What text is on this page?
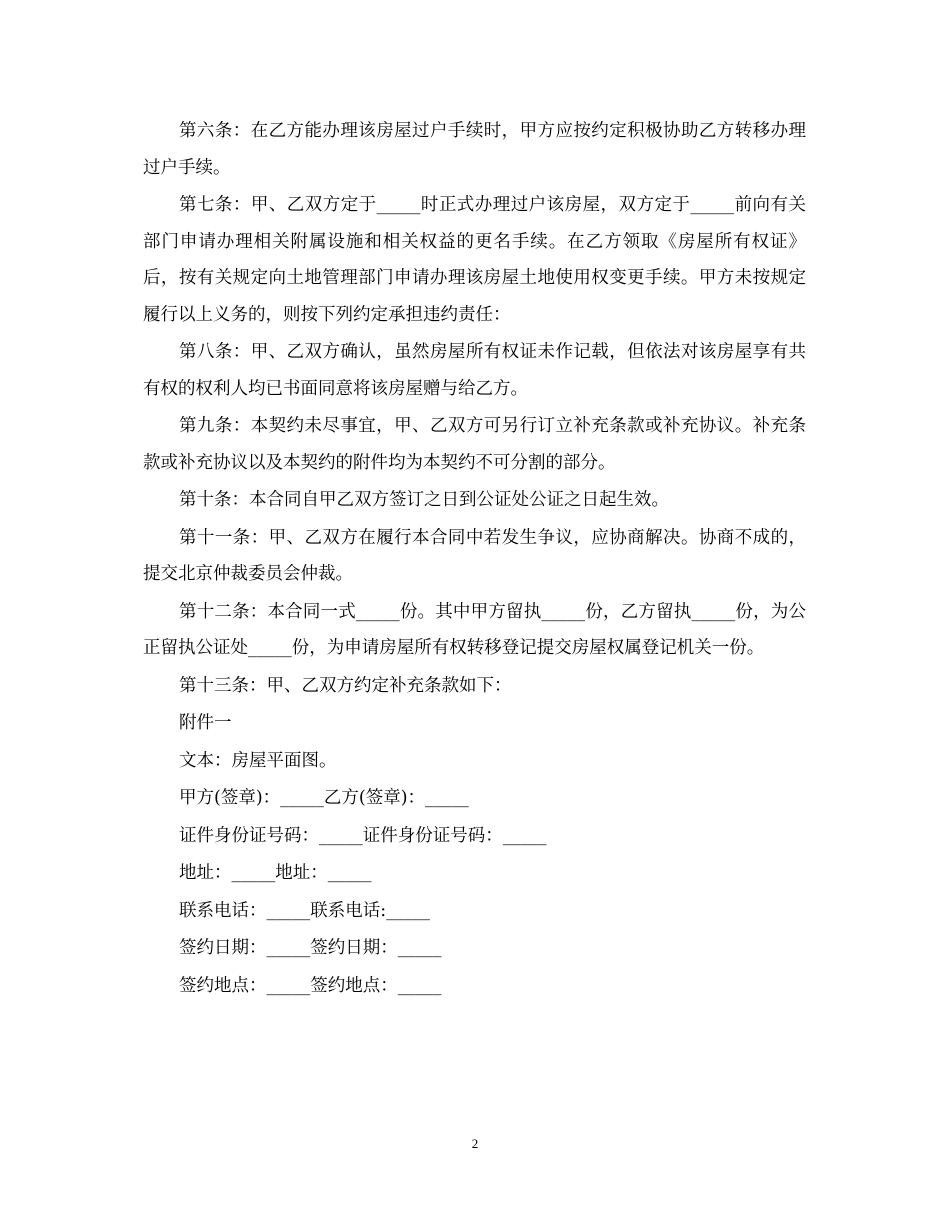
第六条：在乙方能办理该房屋过户手续时，甲方应按约定积极协助乙方转移办理过户手续。

第七条：甲、乙双方定于_____时正式办理过户该房屋，双方定于_____前向有关部门申请办理相关附属设施和相关权益的更名手续。在乙方领取《房屋所有权证》后，按有关规定向土地管理部门申请办理该房屋土地使用权变更手续。甲方未按规定履行以上义务的，则按下列约定承担违约责任：

第八条：甲、乙双方确认，虽然房屋所有权证未作记载，但依法对该房屋享有共有权的权利人均已书面同意将该房屋赠与给乙方。

第九条：本契约未尽事宜，甲、乙双方可另行订立补充条款或补充协议。补充条款或补充协议以及本契约的附件均为本契约不可分割的部分。

第十条：本合同自甲乙双方签订之日到公证处公证之日起生效。

第十一条：甲、乙双方在履行本合同中若发生争议，应协商解决。协商不成的，提交北京仲裁委员会仲裁。

第十二条：本合同一式_____份。其中甲方留执_____份，乙方留执_____份，为公正留执公证处_____份，为申请房屋所有权转移登记提交房屋权属登记机关一份。

第十三条：甲、乙双方约定补充条款如下：

附件一

文本：房屋平面图。

甲方(签章)：_____乙方(签章)：_____

证件身份证号码：_____证件身份证号码：_____

地址：_____地址：_____

联系电话：_____联系电话:_____

签约日期：_____签约日期：_____

签约地点：_____签约地点：_____

2
